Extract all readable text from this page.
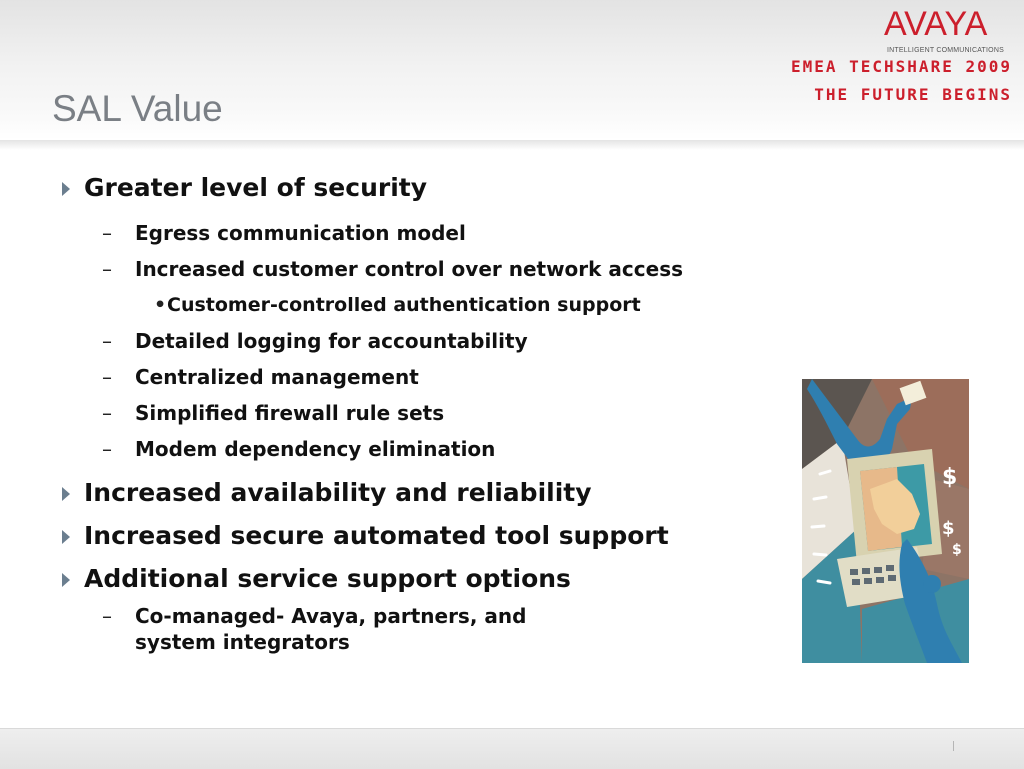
SAL Value
AVAYA
INTELLIGENT COMMUNICATIONS
EMEA TECHSHARE 2009
THE FUTURE BEGINS
Greater level of security
– Egress communication model
– Increased customer control over network access
• Customer-controlled authentication support
– Detailed logging for accountability
– Centralized management
– Simplified firewall rule sets
– Modem dependency elimination
Increased availability and reliability
Increased secure automated tool support
Additional service support options
– Co-managed- Avaya, partners, and system integrators
$
$
$
